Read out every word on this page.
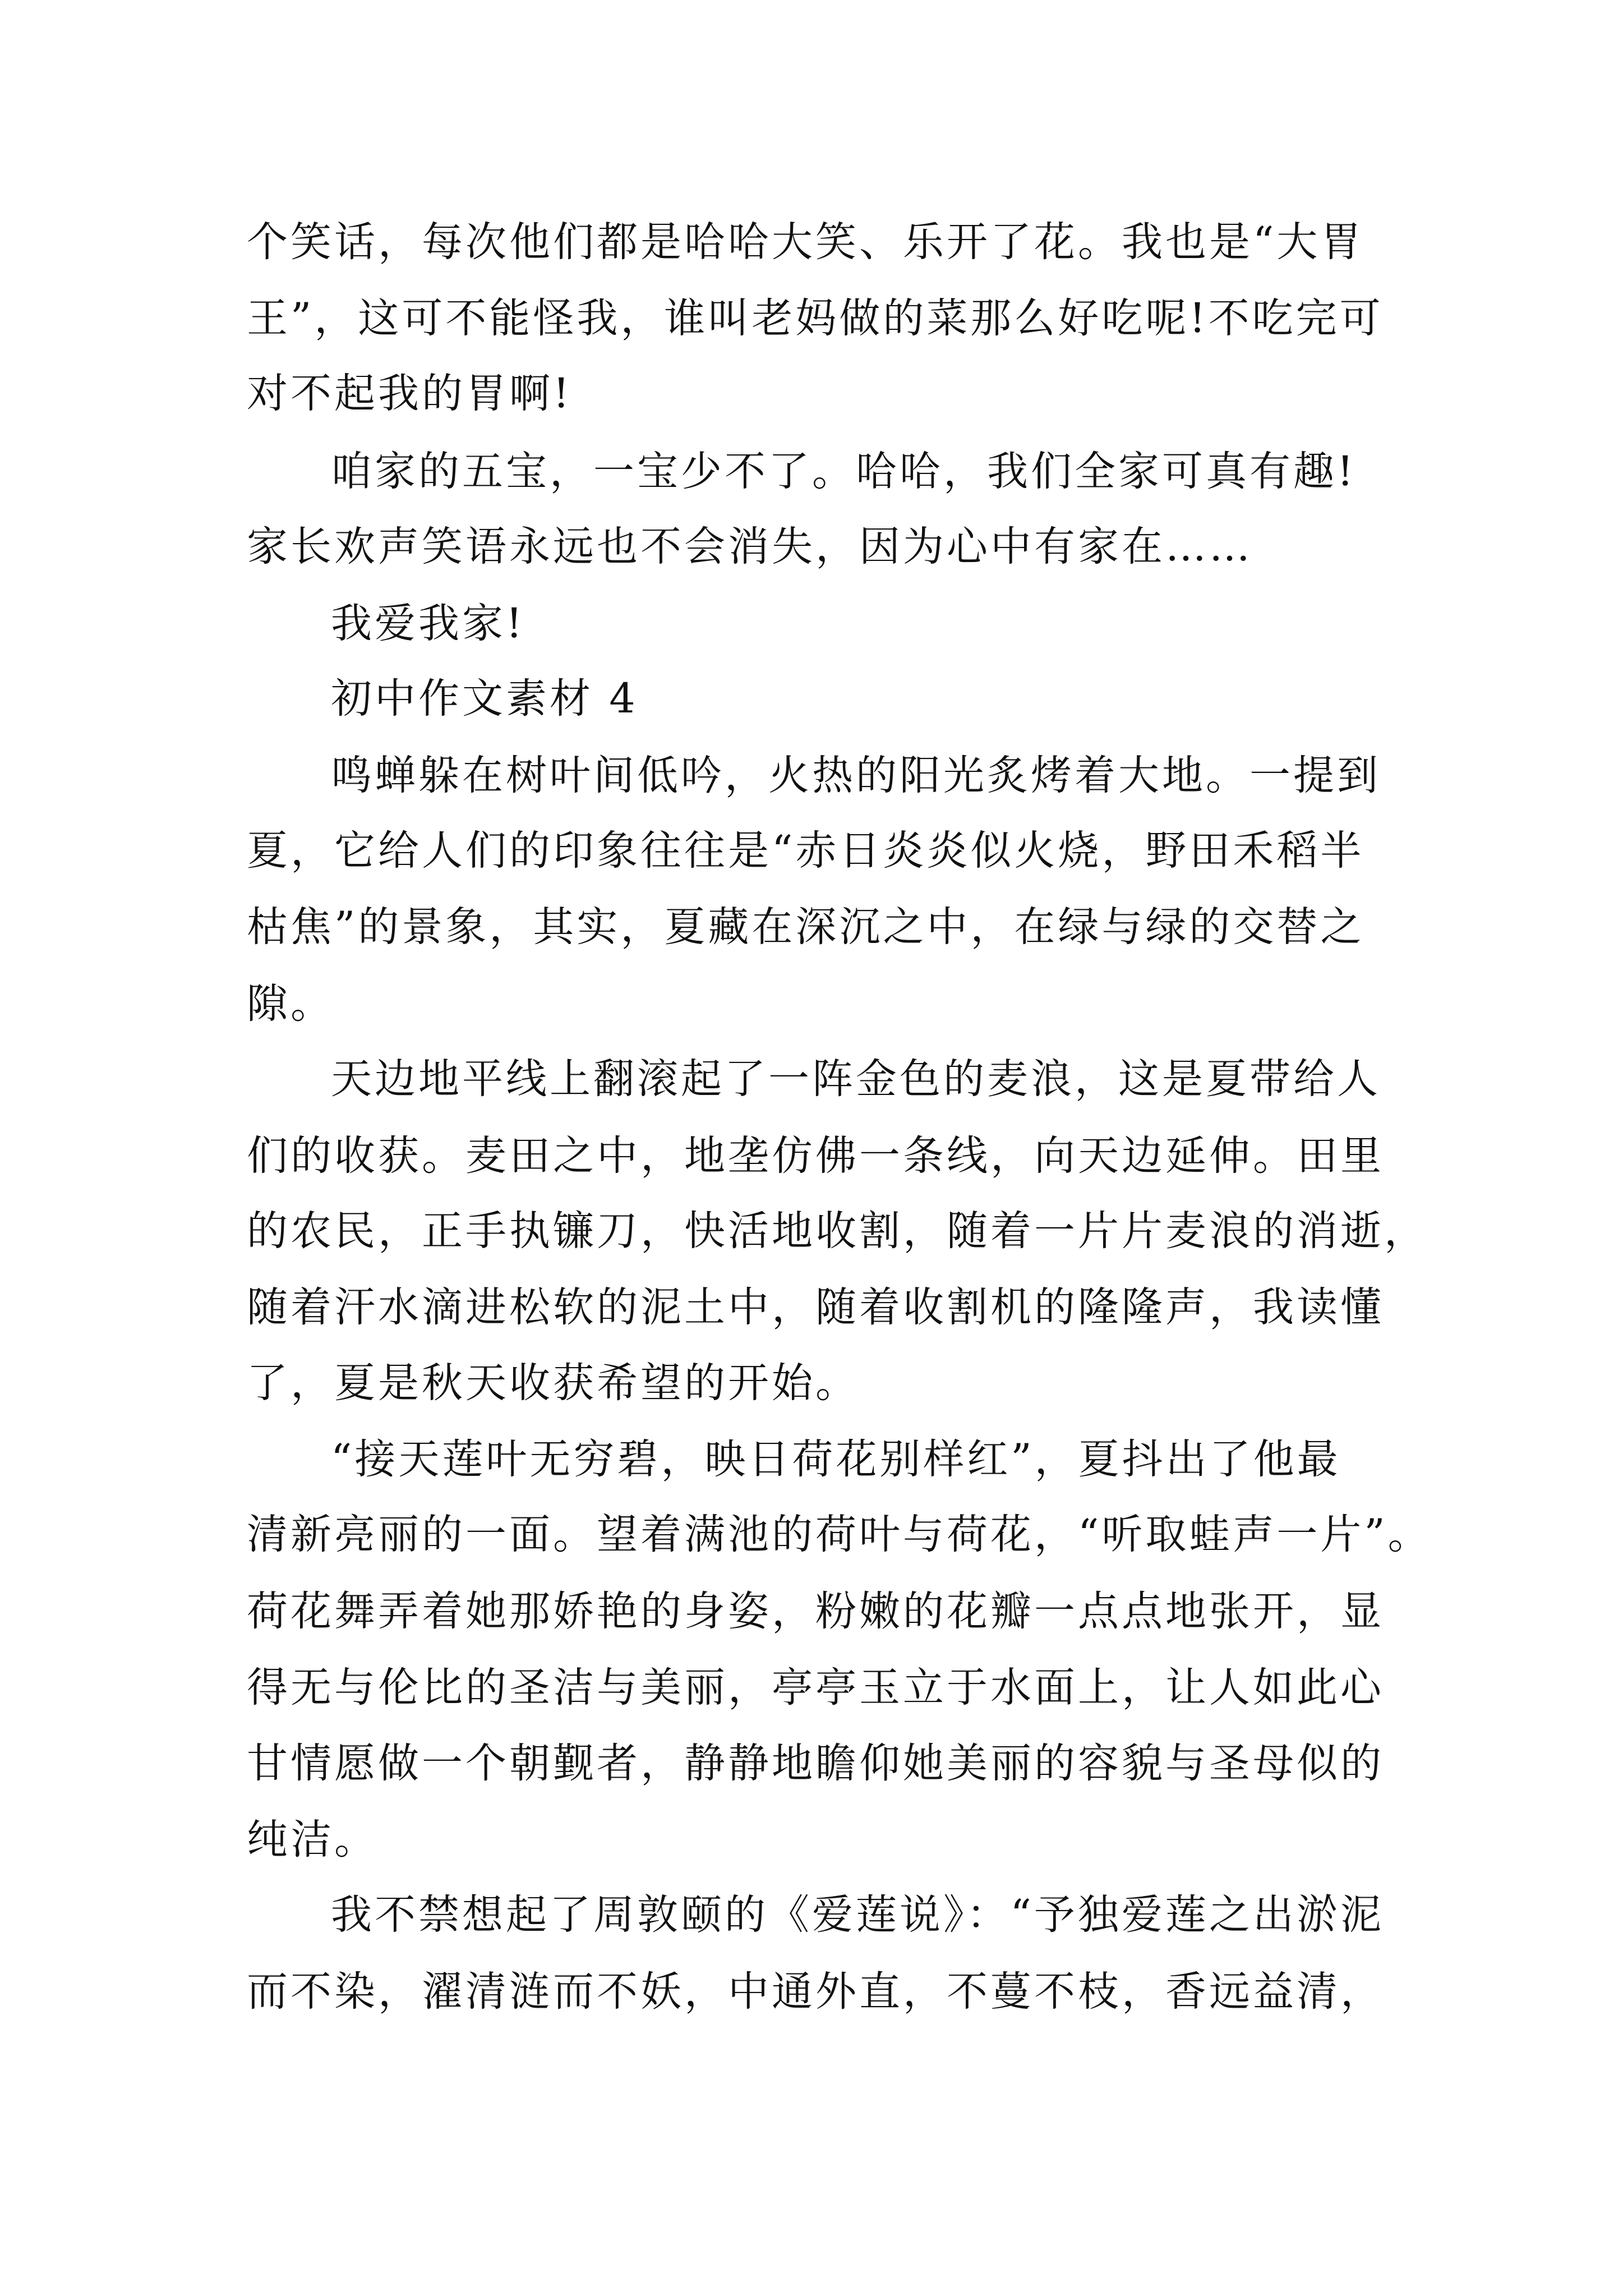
个笑话，每次他们都是哈哈大笑、乐开了花。我也是“大胃
王”，这可不能怪我，谁叫老妈做的菜那么好吃呢!不吃完可
对不起我的胃啊!
咱家的五宝，一宝少不了。哈哈，我们全家可真有趣!
家长欢声笑语永远也不会消失，因为心中有家在……
我爱我家!
初中作文素材 4
鸣蝉躲在树叶间低吟，火热的阳光炙烤着大地。一提到
夏，它给人们的印象往往是“赤日炎炎似火烧，野田禾稻半
枯焦”的景象，其实，夏藏在深沉之中，在绿与绿的交替之
隙。
天边地平线上翻滚起了一阵金色的麦浪，这是夏带给人
们的收获。麦田之中，地垄仿佛一条线，向天边延伸。田里
的农民，正手执镰刀，快活地收割，随着一片片麦浪的消逝，
随着汗水滴进松软的泥土中，随着收割机的隆隆声，我读懂
了，夏是秋天收获希望的开始。
“接天莲叶无穷碧，映日荷花别样红”，夏抖出了他最
清新亮丽的一面。望着满池的荷叶与荷花，“听取蛙声一片”。
荷花舞弄着她那娇艳的身姿，粉嫩的花瓣一点点地张开，显
得无与伦比的圣洁与美丽，亭亭玉立于水面上，让人如此心
甘情愿做一个朝觐者，静静地瞻仰她美丽的容貌与圣母似的
纯洁。
我不禁想起了周敦颐的《爱莲说》：“予独爱莲之出淤泥
而不染，濯清涟而不妖，中通外直，不蔓不枝，香远益清，
